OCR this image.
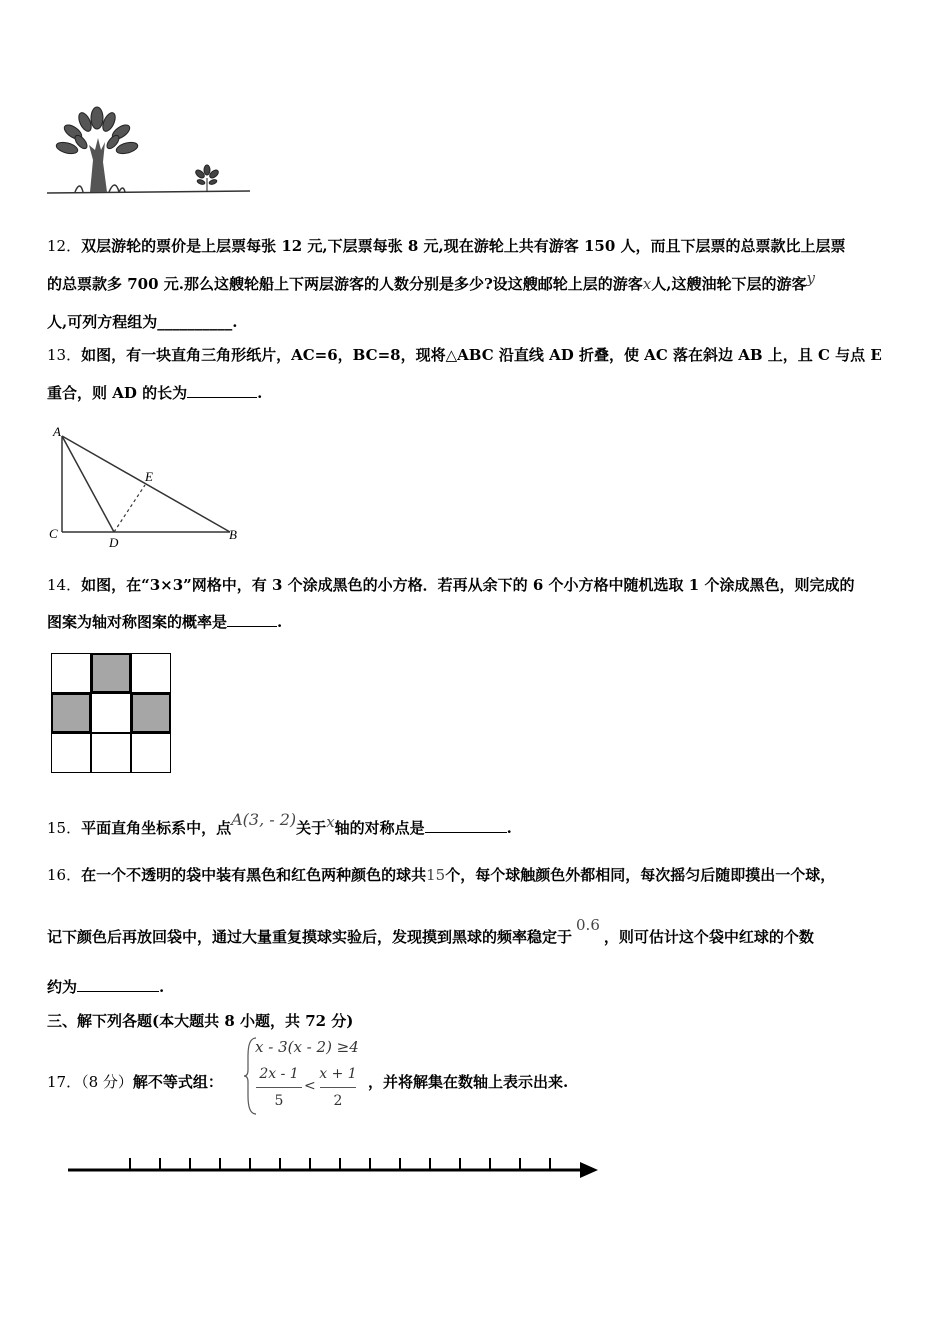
12．双层游轮的票价是上层票每张 12 元,下层票每张 8 元,现在游轮上共有游客 150 人，而且下层票的总票款比上层票
的总票款多 700 元.那么这艘轮船上下两层游客的人数分别是多少?设这艘邮轮上层的游客x人,这艘油轮下层的游客y
人,可列方程组为__________.
13．如图，有一块直角三角形纸片，AC=6，BC=8，现将△ABC 沿直线 AD 折叠，使 AC 落在斜边 AB 上，且 C 与点 E
重合，则 AD 的长为	.
A
C
D
B
E
14．如图，在“3×3”网格中，有 3 个涂成黑色的小方格．若再从余下的 6 个小方格中随机选取 1 个涂成黑色，则完成的
图案为轴对称图案的概率是	.
15．平面直角坐标系中，点A(3, - 2)关于x轴的对称点是	.
16．在一个不透明的袋中装有黑色和红色两种颜色的球共15个，每个球触颜色外都相同，每次摇匀后随即摸出一个球，
记下颜色后再放回袋中，通过大量重复摸球实验后，发现摸到黑球的频率稳定于0.6，则可估计这个袋中红球的个数
约为	.
三、解下列各题(本大题共 8 小题，共 72 分)
17．（8 分）解不等式组：
x - 3(x - 2) ≥4
2x - 1
5
<
x + 1
2
，并将解集在数轴上表示出来.
